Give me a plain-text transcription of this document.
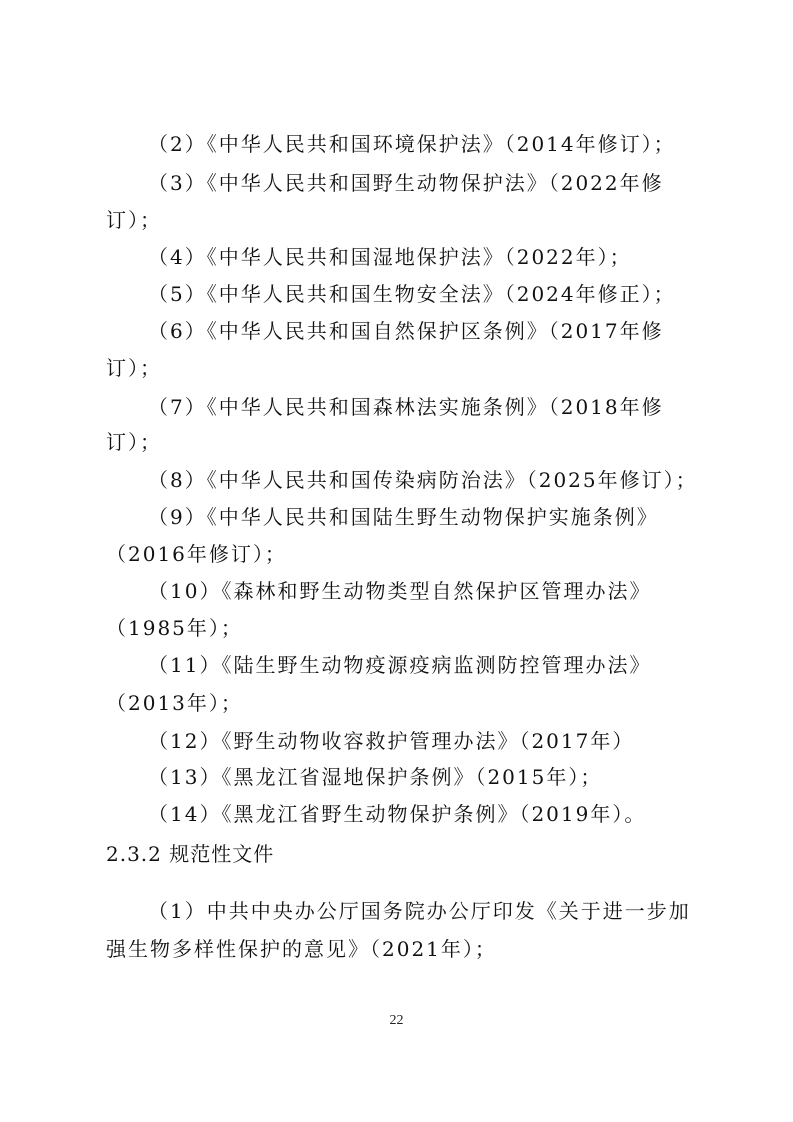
（2）《中华人民共和国环境保护法》（2014年修订）；
（3）《中华人民共和国野生动物保护法》（2022年修
订）；
（4）《中华人民共和国湿地保护法》（2022年）；
（5）《中华人民共和国生物安全法》（2024年修正）；
（6）《中华人民共和国自然保护区条例》（2017年修
订）；
（7）《中华人民共和国森林法实施条例》（2018年修
订）；
（8）《中华人民共和国传染病防治法》（2025年修订）；
（9）《中华人民共和国陆生野生动物保护实施条例》
（2016年修订）；
（10）《森林和野生动物类型自然保护区管理办法》
（1985年）；
（11）《陆生野生动物疫源疫病监测防控管理办法》
（2013年）；
（12）《野生动物收容救护管理办法》（2017年）
（13）《黑龙江省湿地保护条例》（2015年）；
（14）《黑龙江省野生动物保护条例》（2019年）。
2.3.2 规范性文件
（1）中共中央办公厅国务院办公厅印发《关于进一步加
强生物多样性保护的意见》（2021年）；
22
